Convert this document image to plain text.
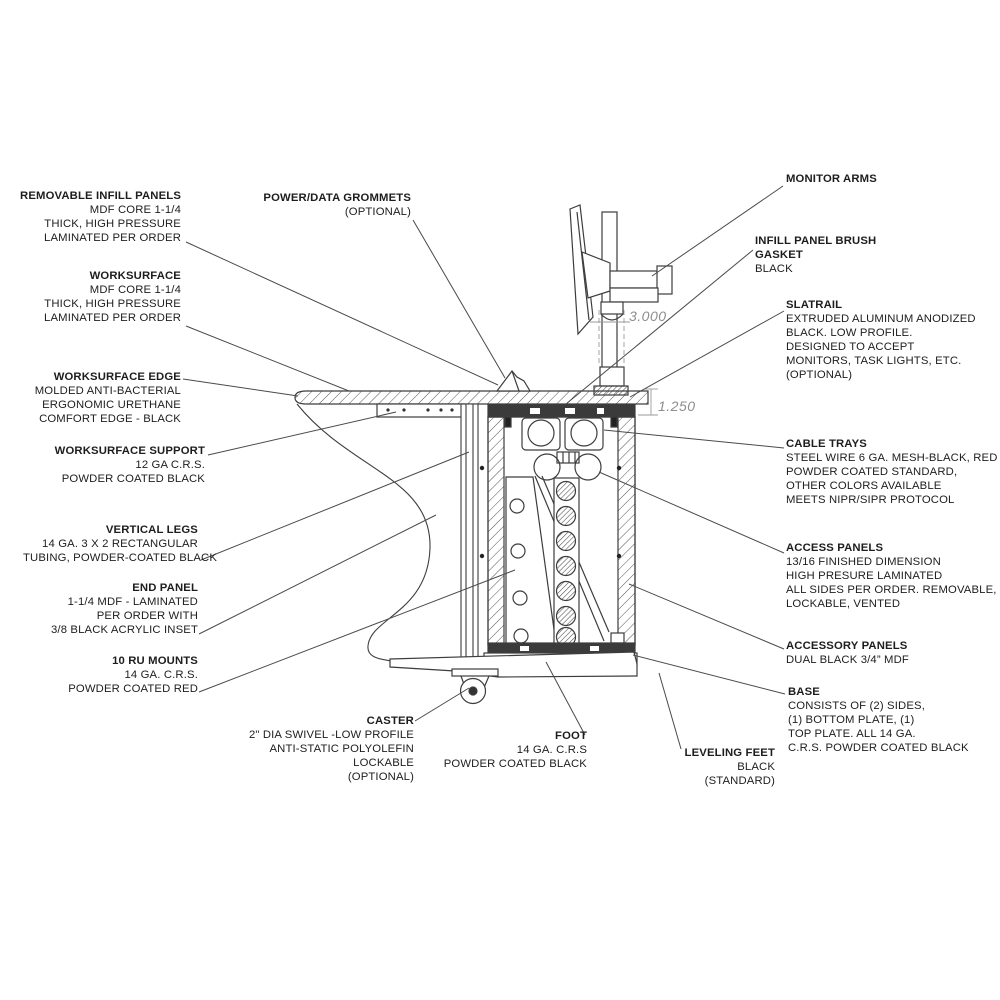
REMOVABLE INFILL PANELS
MDF CORE 1-1/4
THICK, HIGH PRESSURE
LAMINATED PER ORDER
WORKSURFACE
MDF CORE 1-1/4
THICK, HIGH PRESSURE
LAMINATED PER ORDER
WORKSURFACE EDGE
MOLDED ANTI-BACTERIAL
ERGONOMIC URETHANE
COMFORT EDGE - BLACK
WORKSURFACE SUPPORT
12 GA C.R.S.
POWDER COATED BLACK
VERTICAL LEGS
14 GA. 3 X 2 RECTANGULAR
TUBING, POWDER-COATED BLACK
END PANEL
1-1/4 MDF - LAMINATED
PER ORDER WITH
3/8 BLACK ACRYLIC INSET
10 RU MOUNTS
14 GA. C.R.S.
POWDER COATED RED
CASTER
2" DIA SWIVEL -LOW PROFILE
ANTI-STATIC POLYOLEFIN
LOCKABLE
(OPTIONAL)
POWER/DATA GROMMETS
(OPTIONAL)
MONITOR ARMS
INFILL PANEL BRUSH
GASKET
BLACK
SLATRAIL
EXTRUDED ALUMINUM ANODIZED
BLACK. LOW PROFILE.
DESIGNED TO ACCEPT
MONITORS, TASK LIGHTS, ETC.
(OPTIONAL)
CABLE TRAYS
STEEL WIRE 6 GA. MESH-BLACK, RED
POWDER COATED STANDARD,
OTHER COLORS AVAILABLE
MEETS NIPR/SIPR PROTOCOL
ACCESS PANELS
13/16 FINISHED DIMENSION
HIGH PRESURE LAMINATED
ALL SIDES PER ORDER. REMOVABLE,
LOCKABLE, VENTED
ACCESSORY PANELS
DUAL BLACK 3/4” MDF
BASE
CONSISTS OF (2) SIDES,
(1) BOTTOM PLATE, (1)
TOP PLATE. ALL 14 GA.
C.R.S. POWDER COATED BLACK
LEVELING FEET
BLACK
(STANDARD)
FOOT
14 GA. C.R.S
POWDER COATED BLACK
3.000
1.250
